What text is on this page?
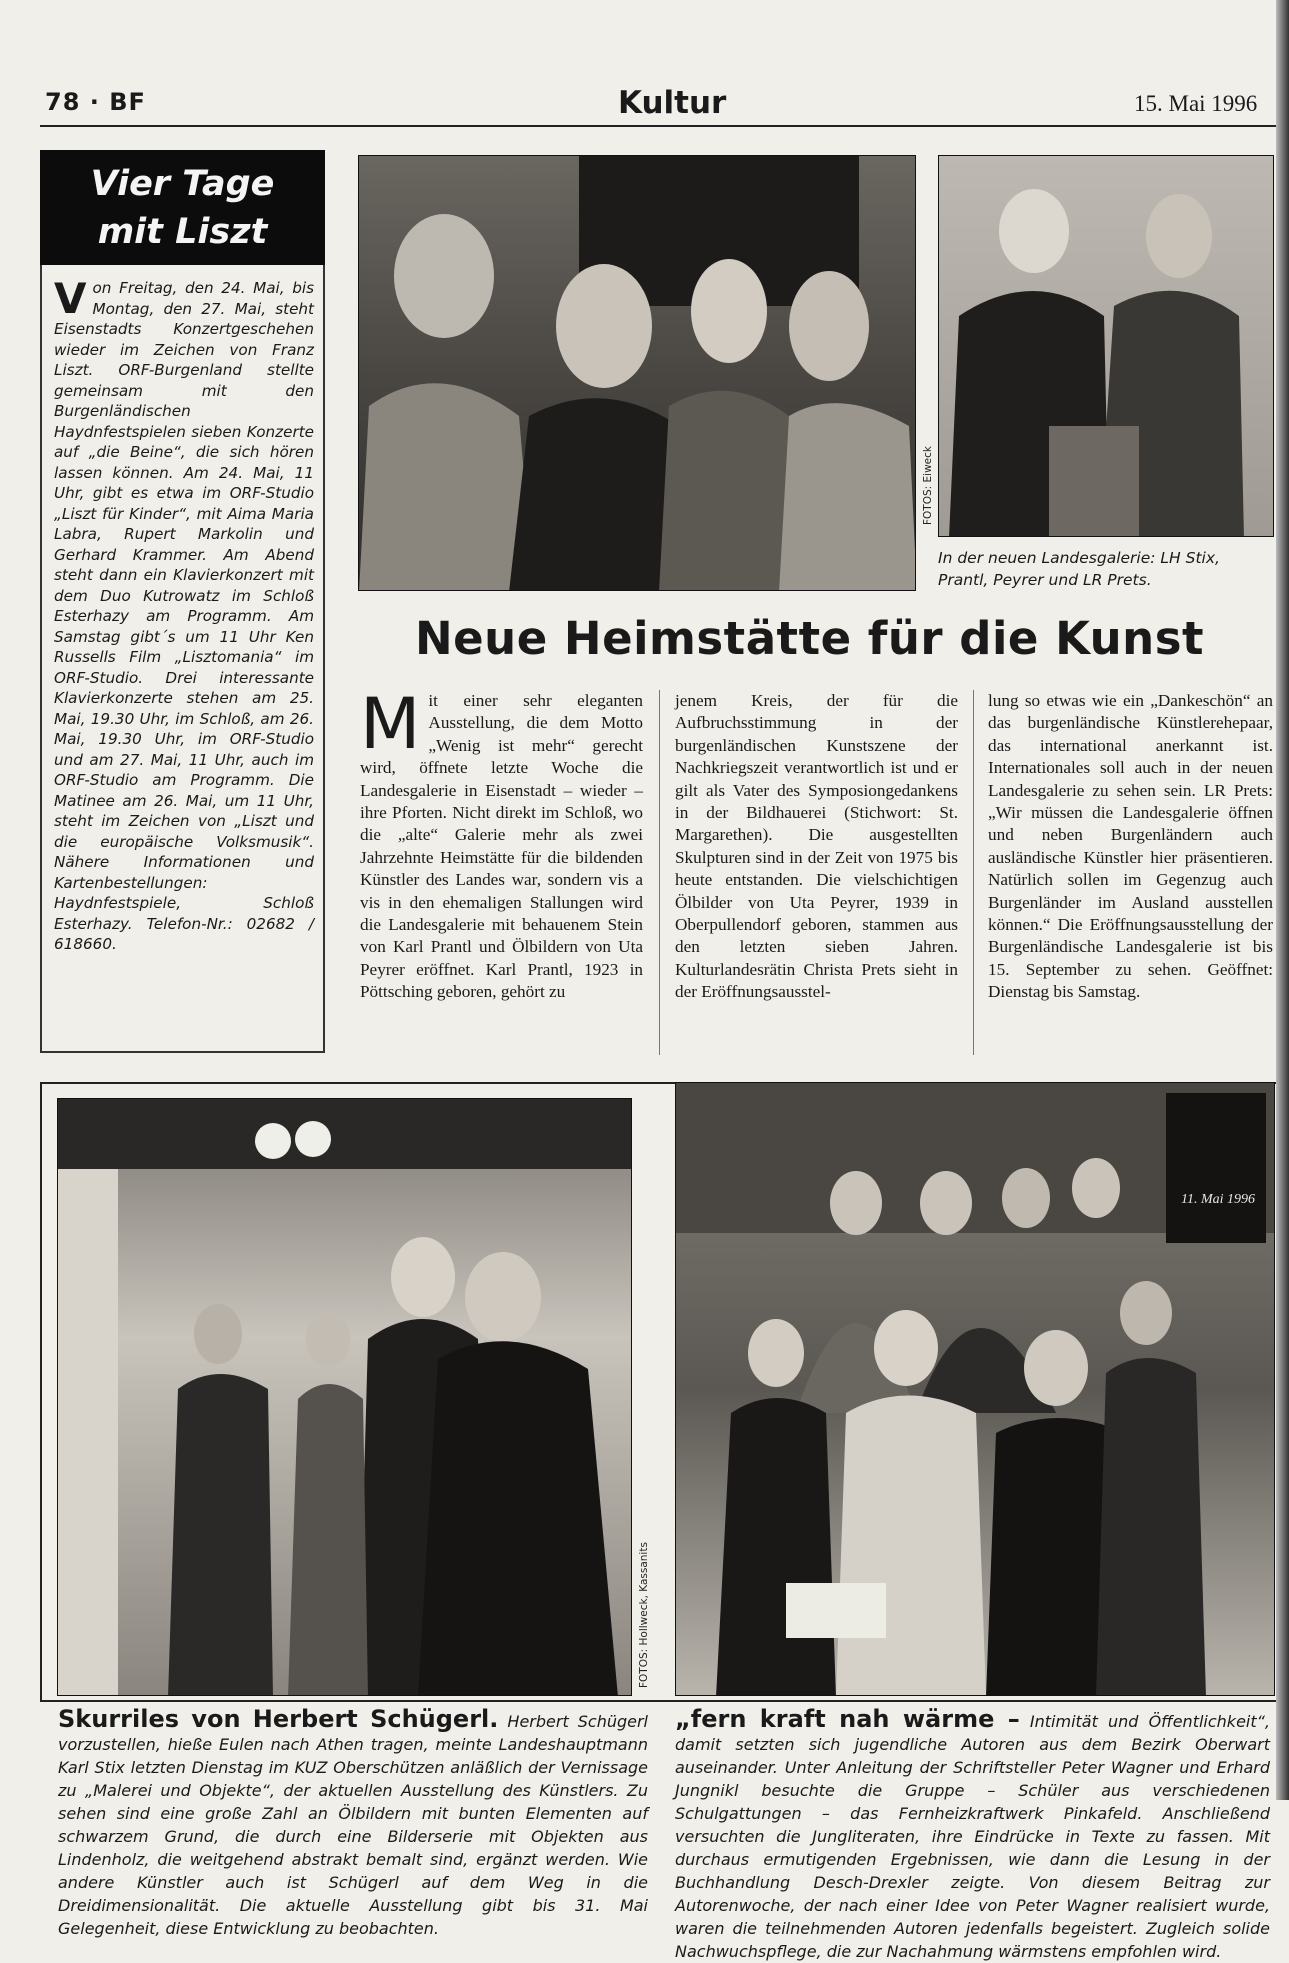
78 · BF	Kultur	15. Mai 1996
Vier Tage
mit Liszt
Von Freitag, den 24. Mai, bis Montag, den 27. Mai, steht Eisenstadts Konzertgeschehen wieder im Zeichen von Franz Liszt. ORF-Burgenland stellte gemeinsam mit den Burgenländischen Haydnfestspielen sieben Konzerte auf „die Beine“, die sich hören lassen können. Am 24. Mai, 11 Uhr, gibt es etwa im ORF-Studio „Liszt für Kinder“, mit Aima Maria Labra, Rupert Markolin und Gerhard Krammer. Am Abend steht dann ein Klavierkonzert mit dem Duo Kutrowatz im Schloß Esterhazy am Programm. Am Samstag gibt´s um 11 Uhr Ken Russells Film „Lisztomania“ im ORF-Studio. Drei interessante Klavierkonzerte stehen am 25. Mai, 19.30 Uhr, im Schloß, am 26. Mai, 19.30 Uhr, im ORF-Studio und am 27. Mai, 11 Uhr, auch im ORF-Studio am Programm. Die Matinee am 26. Mai, um 11 Uhr, steht im Zeichen von „Liszt und die europäische Volksmusik“. Nähere Informationen und Kartenbestellungen: Haydnfestspiele, Schloß Esterhazy. Telefon-Nr.: 02682 / 618660.
FOTOS: Eiweck
In der neuen Landesgalerie: LH Stix, Prantl, Peyrer und LR Prets.
Neue Heimstätte für die Kunst
Mit einer sehr eleganten Ausstellung, die dem Motto „Wenig ist mehr“ gerecht wird, öffnete letzte Woche die Landesgalerie in Eisenstadt – wieder – ihre Pforten. Nicht direkt im Schloß, wo die „alte“ Galerie mehr als zwei Jahrzehnte Heimstätte für die bildenden Künstler des Landes war, sondern vis a vis in den ehemaligen Stallungen wird die Landesgalerie mit behauenem Stein von Karl Prantl und Ölbildern von Uta Peyrer eröffnet. Karl Prantl, 1923 in Pöttsching geboren, gehört zu
jenem Kreis, der für die Aufbruchsstimmung in der burgenländischen Kunstszene der Nachkriegszeit verantwortlich ist und er gilt als Vater des Symposiongedankens in der Bildhauerei (Stichwort: St. Margarethen). Die ausgestellten Skulpturen sind in der Zeit von 1975 bis heute entstanden. Die vielschichtigen Ölbilder von Uta Peyrer, 1939 in Oberpullendorf geboren, stammen aus den letzten sieben Jahren. Kulturlandesrätin Christa Prets sieht in der Eröffnungsausstel-
lung so etwas wie ein „Dankeschön“ an das burgenländische Künstlerehepaar, das international anerkannt ist. Internationales soll auch in der neuen Landesgalerie zu sehen sein. LR Prets: „Wir müssen die Landesgalerie öffnen und neben Burgenländern auch ausländische Künstler hier präsentieren. Natürlich sollen im Gegenzug auch Burgenländer im Ausland ausstellen können.“ Die Eröffnungsausstellung der Burgenländische Landesgalerie ist bis 15. September zu sehen. Geöffnet: Dienstag bis Samstag.
FOTOS: Hollweck, Kassanits
11. Mai 1996
Skurriles von Herbert Schügerl. Herbert Schügerl vorzustellen, hieße Eulen nach Athen tragen, meinte Landeshauptmann Karl Stix letzten Dienstag im KUZ Oberschützen anläßlich der Vernissage zu „Malerei und Objekte“, der aktuellen Ausstellung des Künstlers. Zu sehen sind eine große Zahl an Ölbildern mit bunten Elementen auf schwarzem Grund, die durch eine Bilderserie mit Objekten aus Lindenholz, die weitgehend abstrakt bemalt sind, ergänzt werden. Wie andere Künstler auch ist Schügerl auf dem Weg in die Dreidimensionalität. Die aktuelle Ausstellung gibt bis 31. Mai Gelegenheit, diese Entwicklung zu beobachten.
„fern kraft nah wärme – Intimität und Öffentlichkeit“, damit setzten sich jugendliche Autoren aus dem Bezirk Oberwart auseinander. Unter Anleitung der Schriftsteller Peter Wagner und Erhard Jungnikl besuchte die Gruppe – Schüler aus verschiedenen Schulgattungen – das Fernheizkraftwerk Pinkafeld. Anschließend versuchten die Jungliteraten, ihre Eindrücke in Texte zu fassen. Mit durchaus ermutigenden Ergebnissen, wie dann die Lesung in der Buchhandlung Desch-Drexler zeigte. Von diesem Beitrag zur Autorenwoche, der nach einer Idee von Peter Wagner realisiert wurde, waren die teilnehmenden Autoren jedenfalls begeistert. Zugleich solide Nachwuchspflege, die zur Nachahmung wärmstens empfohlen wird.
